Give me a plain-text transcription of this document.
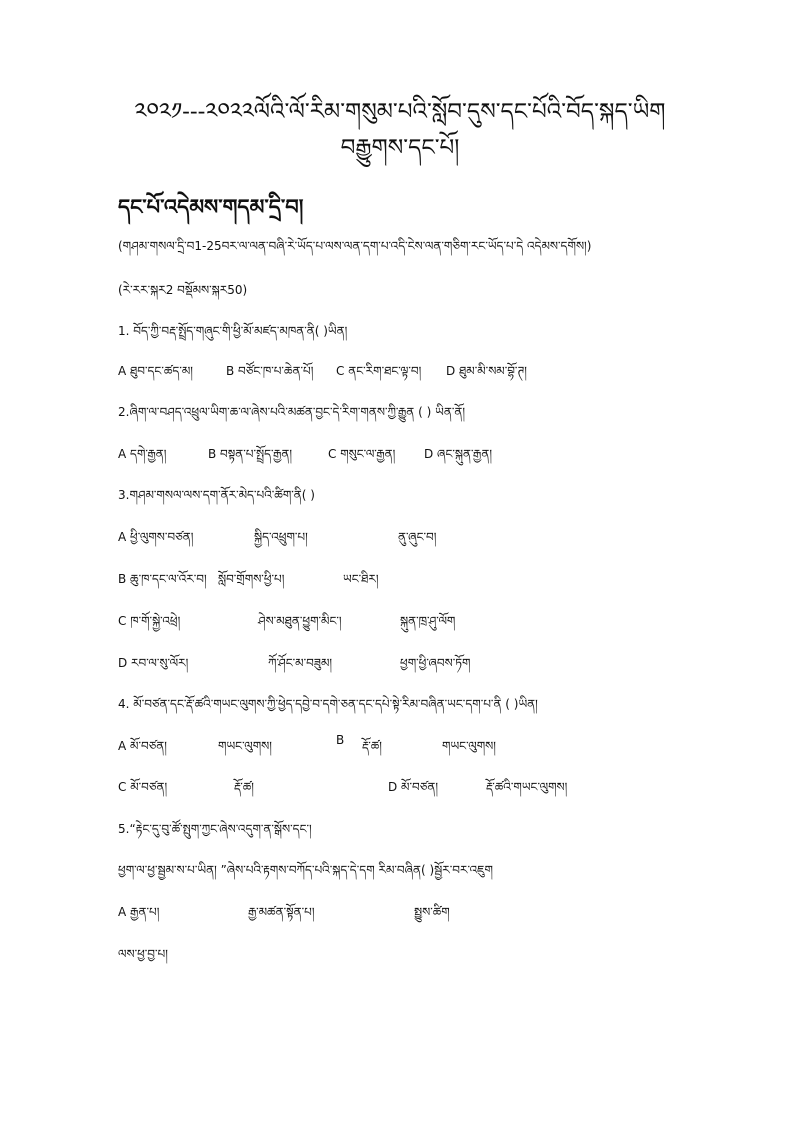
༢༠༢༡---༢༠༢༢ལོའི་ལོ་རིམ་གསུམ་པའི་སློབ་དུས་དང་པོའི་བོད་སྐད་ཡིག
བརྒྱུགས་དང་པོ།
དང་པོ་འདེམས་གདམ་དྲི་བ།
(གཤམ་གསལ་དྲི་བ1-25བར་ལ་ལན་བཞི་རེ་ཡོད་པ་ལས་ལན་དག་པ་འདི་ངེས་ལན་གཅིག་རང་ཡོད་པ་དེ འདེམས་དགོས།)
(རེ་རར་སྐར2 བསྡོམས་སྐར50)
1. བོད་ཀྱི་བརྡ་སྤྲོད་གཞུང་གི་ཕྱི་མོ་མཛད་མཁན་ནི( )ཡིན།
A ཐུབ་དང་ཚད་མ།	B བཙོང་ཁ་པ་ཆེན་པོ། C ནང་རིག་ཐང་ལྟ་བ། D ཐུམ་མི་སམ་བྷོ་ཊ།
2.ཞིག་ལ་བཤད་འཕྲུལ་ཡིག་ཆ་ལ་ཞེས་པའི་མཚན་བྱང་དེ་རིག་གནས་ཀྱི་རྒྱུན ( ) ཡིན་ནོ།
A དགེ་རྒྱན།	B བསྟན་པ་སྤྲོད་རྒྱན།	C གསུང་ལ་རྒྱན། D ཞང་སྐུན་རྒྱན།
3.གཤམ་གསལ་ལས་དག་ནོར་མེད་པའི་ཚིག་ནི( )
A ཕྱི་ལུགས་བཙན།	སྐྱིད་འཕྲུག་པ།	ནུ་ཞུང་བ།
B ཆུ་ཁ་དང་ལ་འོར་བ། སློབ་གྲོགས་ཕྱི་པ།	ཡང་ཐིར།
C ཁ་གོ་སྐྱེ་འཕྲེ།	ཤེས་མཐུན་ཕྱུག་མིང་།	སྐུན་ཁྲ་ཤུ་ལོག
D རབ་ལ་སུ་ལོར།	ཀོ་ཤོང་མ་བཟུམ།	ཕྱག་ཕྱི་ཞབས་ཏོག
4. མོ་བཙན་དང་རྡོ་ཚའི་གཡང་ལུགས་ཀྱི་ཕྱེད་དབྱེ་བ་དགེ་ཅན་དང་དཔེ་སྟེ་རིམ་བཞིན་ཡང་དག་པ་ནི ( )ཡིན།
A མོ་བཙན།	གཡང་ལུགས།	B རྡོ་ཚ།	གཡང་ལུགས།
C མོ་བཙན།	རྡོ་ཚ།	D མོ་བཙན།	རྡོ་ཚའི་གཡང་ལུགས།
5.“རྟེང་དུ་བུ་ཚོ་སྤུག་ཀྱང་ཞེས་འདུག་ན་སྒོས་དང་།
ཕྱག་ལ་ཕྱ་སྦྱམ་ས་པ་ཡིན། ”ཞེས་པའི་རྟགས་བཀོད་པའི་སྐད་དེ་དག རིམ་བཞིན( )སྦྱོར་བར་འཇུག
A རྒྱན་པ།	རྒྱ་མཚན་སྟོན་པ།	སྤྱུས་ཚིག
ལས་ཕྱ་བྱ་པ།
